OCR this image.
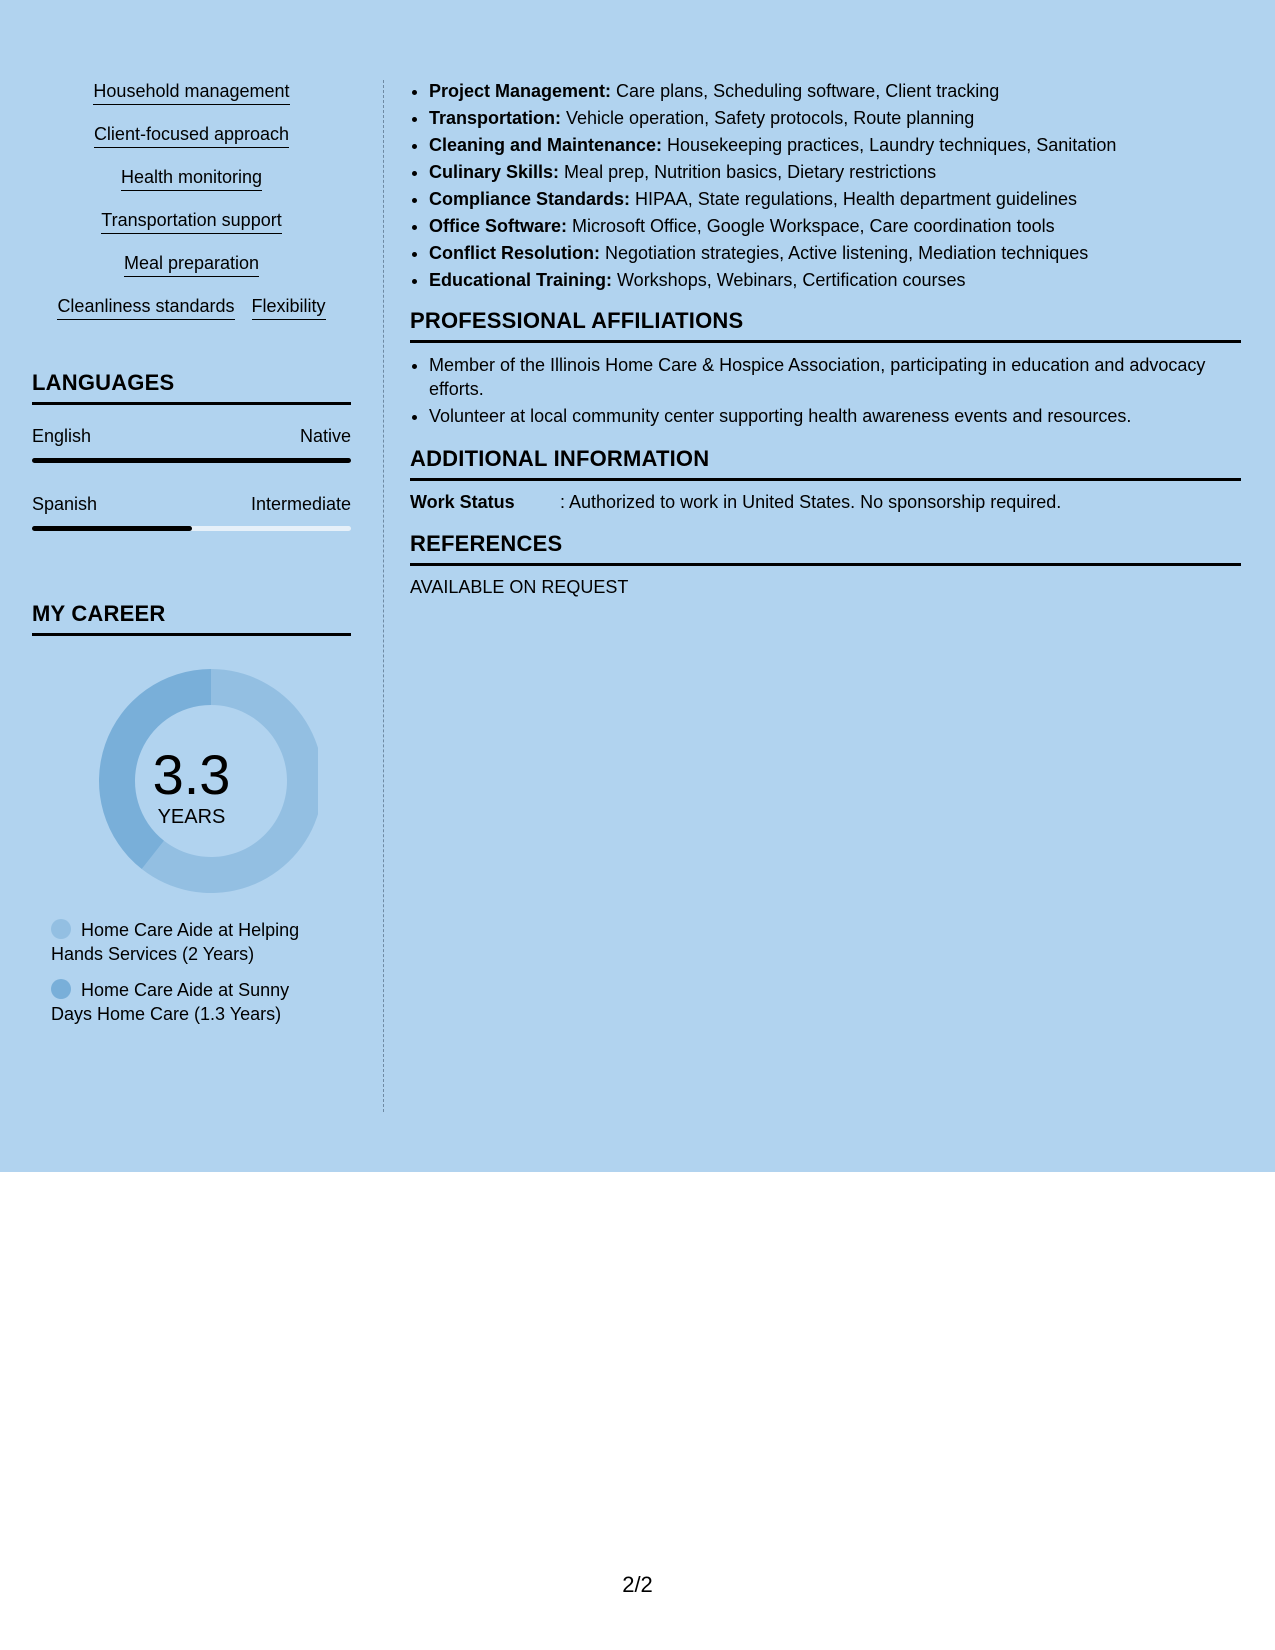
Household management
Client-focused approach
Health monitoring
Transportation support
Meal preparation
Cleanliness standards Flexibility
LANGUAGES
English	Native
Spanish	Intermediate
MY CAREER
3.3
YEARS
Home Care Aide at Helping Hands Services (2 Years)
Home Care Aide at Sunny Days Home Care (1.3 Years)
• Project Management: Care plans, Scheduling software, Client tracking
• Transportation: Vehicle operation, Safety protocols, Route planning
• Cleaning and Maintenance: Housekeeping practices, Laundry techniques, Sanitation
• Culinary Skills: Meal prep, Nutrition basics, Dietary restrictions
• Compliance Standards: HIPAA, State regulations, Health department guidelines
• Office Software: Microsoft Office, Google Workspace, Care coordination tools
• Conflict Resolution: Negotiation strategies, Active listening, Mediation techniques
• Educational Training: Workshops, Webinars, Certification courses
PROFESSIONAL AFFILIATIONS
• Member of the Illinois Home Care & Hospice Association, participating in education and advocacy efforts.
• Volunteer at local community center supporting health awareness events and resources.
ADDITIONAL INFORMATION
Work Status	: Authorized to work in United States. No sponsorship required.
REFERENCES
AVAILABLE ON REQUEST
2/2
